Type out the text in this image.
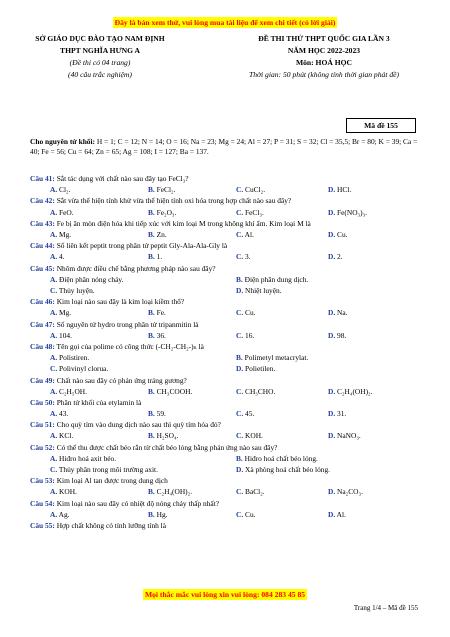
Đây là bản xem thử, vui lòng mua tài liệu để xem chi tiết (có lời giải)
SỞ GIÁO DỤC ĐÀO TẠO NAM ĐỊNH
THPT NGHĨA HƯNG A
(Đề thi có 04 trang)
(40 câu trắc nghiệm)
ĐỀ THI THỬ THPT QUỐC GIA LẦN 3
NĂM HỌC 2022-2023
Môn: HOÁ HỌC
Thời gian: 50 phút (không tính thời gian phát đề)
Mã đề 155
Cho nguyên tử khối: H = 1; C = 12; N = 14; O = 16; Na = 23; Mg = 24; Al = 27; P = 31; S = 32; Cl = 35,5; Br = 80; K = 39; Ca = 40; Fe = 56; Cu = 64; Zn = 65; Ag = 108; I = 127; Ba = 137.
Câu 41: Sắt tác dụng với chất nào sau đây tạo FeCl₃?
A. Cl₂.	B. FeCl₂.	C. CuCl₂.	D. HCl.
Câu 42: Sắt vừa thể hiện tính khử vừa thể hiện tính oxi hóa trong hợp chất nào sau đây?
A. FeO.	B. Fe₂O₃.	C. FeCl₃.	D. Fe(NO₃)₃.
Câu 43: Fe bị ăn mòn điện hóa khi tiếp xúc với kim loại M trong không khí ẩm. Kim loại M là
A. Mg.	B. Zn.	C. Al.	D. Cu.
Câu 44: Số liên kết peptit trong phân tử peptit Gly-Ala-Ala-Gly là
A. 4.	B. 1.	C. 3.	D. 2.
Câu 45: Nhôm được điều chế bằng phương pháp nào sau đây?
A. Điện phân nóng chảy.	B. Điện phân dung dịch.
C. Thủy luyện.	D. Nhiệt luyện.
Câu 46: Kim loại nào sau đây là kim loại kiềm thổ?
A. Mg.	B. Fe.	C. Cu.	D. Na.
Câu 47: Số nguyên tử hydro trong phân tử tripanmitin là
A. 104.	B. 36.	C. 16.	D. 98.
Câu 48: Tên gọi của polime có công thức (-CH₂-CH₂-)ₙ là
A. Polistiren.	B. Polimetyl metacrylat.
C. Polivinyl clorua.	D. Polietilen.
Câu 49: Chất nào sau đây có phản ứng tráng gương?
A. C₂H₅OH.	B. CH₃COOH.	C. CH₃CHO.	D. C₂H₄(OH)₂.
Câu 50: Phân tử khối của etylamin là
A. 43.	B. 59.	C. 45.	D. 31.
Câu 51: Cho quỳ tím vào dung dịch nào sau thì quỳ tím hóa đỏ?
A. KCl.	B. H₂SO₄.	C. KOH.	D. NaNO₃.
Câu 52: Có thể thu được chất béo rắn từ chất béo lỏng bằng phản ứng nào sau đây?
A. Hiđro hoá axit béo.	B. Hiđro hoá chất béo lỏng.
C. Thủy phân trong môi trường axit.	D. Xà phòng hoá chất béo lỏng.
Câu 53: Kim loại Al tan được trong dung dịch
A. KOH.	B. C₂H₄(OH)₂.	C. BaCl₂.	D. Na₂CO₃.
Câu 54: Kim loại nào sau đây có nhiệt độ nóng chảy thấp nhất?
A. Ag.	B. Hg.	C. Cu.	D. Al.
Câu 55: Hợp chất không có tính lưỡng tính là
Mọi thắc mắc vui lòng xin vui lòng: 084 283 45 85
Trang 1/4 – Mã đề 155
